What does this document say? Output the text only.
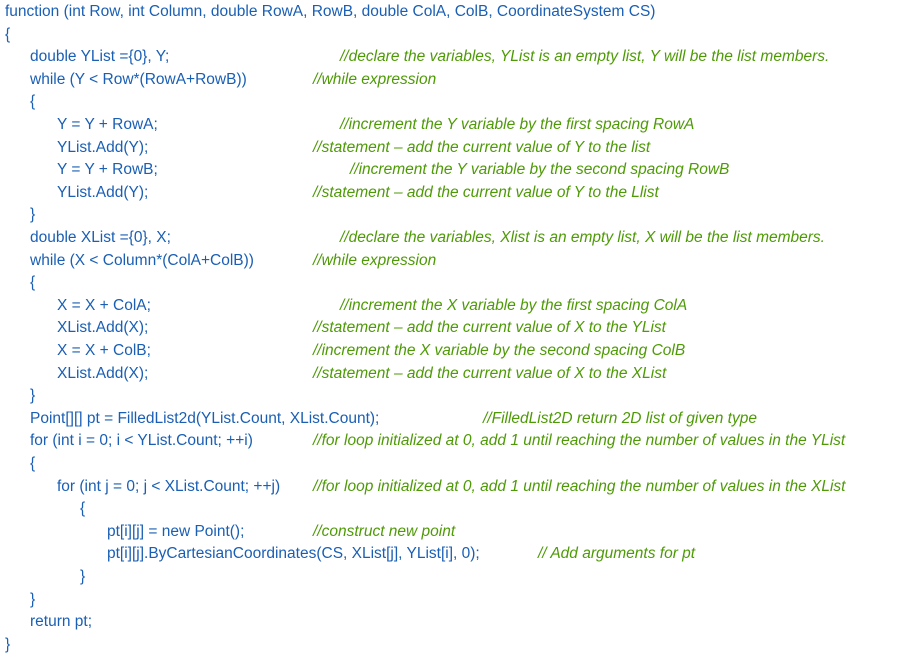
function (int Row, int Column, double RowA, RowB, double ColA, ColB, CoordinateSystem CS)
{
double YList ={0}, Y;	//declare the variables, YList is an empty list, Y will be the list members.
while (Y < Row*(RowA+RowB))	//while expression
{
Y = Y + RowA;	//increment the Y variable by the first spacing RowA
YList.Add(Y);	//statement – add the current value of Y to the list
Y = Y + RowB;	//increment the Y variable by the second spacing RowB
YList.Add(Y);	//statement – add the current value of Y to the Llist
}
double XList ={0}, X;	//declare the variables, Xlist is an empty list, X will be the list members.
while (X < Column*(ColA+ColB))	//while expression
{
X = X + ColA;	//increment the X variable by the first spacing ColA
XList.Add(X);	//statement – add the current value of X to the YList
X = X + ColB;	//increment the X variable by the second spacing ColB
XList.Add(X);	//statement – add the current value of X to the XList
}
Point[][] pt = FilledList2d(YList.Count, XList.Count);	//FilledList2D return 2D list of given type
for (int i = 0; i < YList.Count; ++i)	//for loop initialized at 0, add 1 until reaching the number of values in the YList
{
for (int j = 0; j < XList.Count; ++j) //for loop initialized at 0, add 1 until reaching the number of values in the XList
{
pt[i][j] = new Point();	//construct new point
pt[i][j].ByCartesianCoordinates(CS, XList[j], YList[i], 0);	// Add arguments for pt
}
}
return pt;
}
